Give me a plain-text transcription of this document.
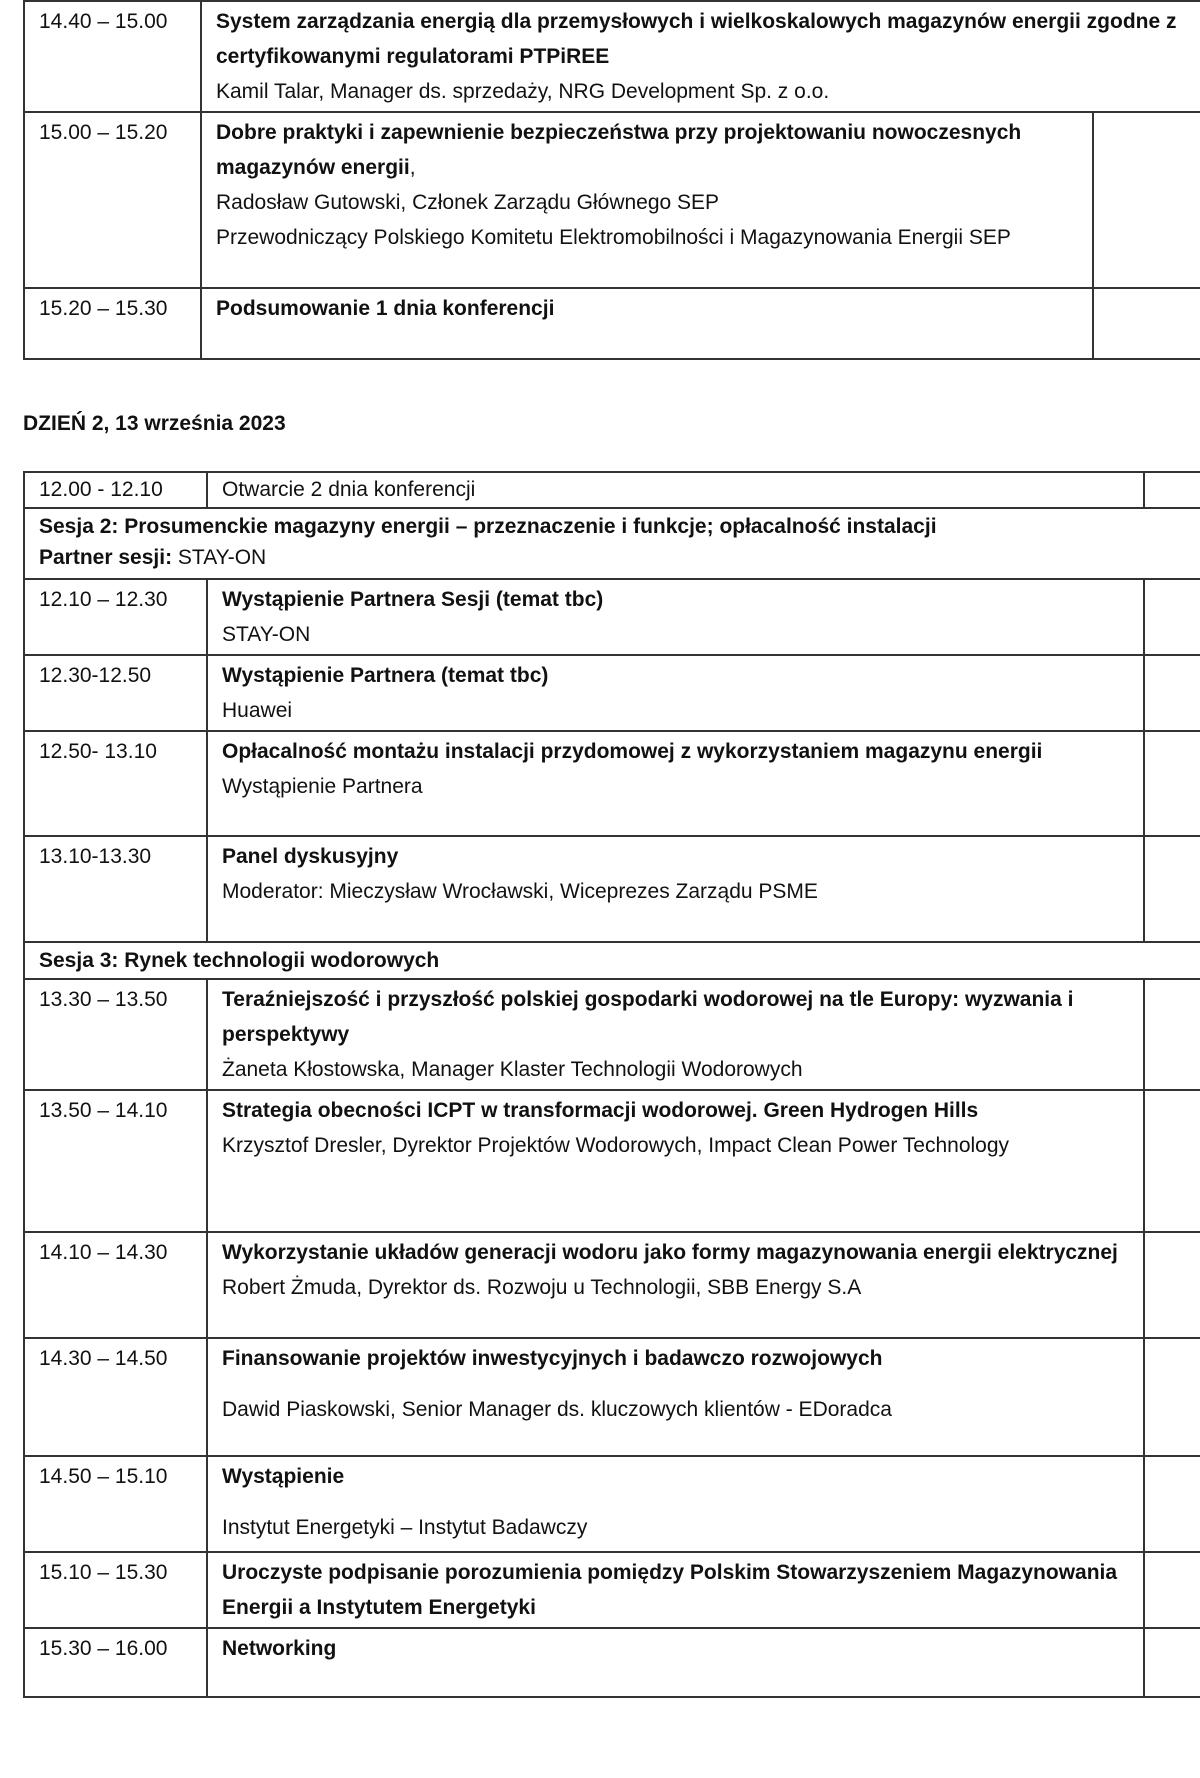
14.40 – 15.00	System zarządzania energią dla przemysłowych i wielkoskalowych magazynów energii zgodne z certyfikowanymi regulatorami PTPiREE
Kamil Talar, Manager ds. sprzedaży, NRG Development Sp. z o.o.	

15.00 – 15.20	Dobre praktyki i zapewnienie bezpieczeństwa przy projektowaniu nowoczesnych magazynów energii,
Radosław Gutowski, Członek Zarządu Głównego SEP
Przewodniczący Polskiego Komitetu Elektromobilności i Magazynowania Energii SEP	

15.20 – 15.30	Podsumowanie 1 dnia konferencji	

DZIEŃ 2, 13 września 2023
12.00 - 12.10	Otwarcie 2 dnia konferencji	

Sesja 2: Prosumenckie magazyny energii – przeznaczenie i funkcje; opłacalność instalacji
Partner sesji: STAY-ON		

12.10 – 12.30	Wystąpienie Partnera Sesji (temat tbc)
STAY-ON	

12.30-12.50	Wystąpienie Partnera (temat tbc)
Huawei	

12.50- 13.10	Opłacalność montażu instalacji przydomowej z wykorzystaniem magazynu energii
Wystąpienie Partnera	

13.10-13.30	Panel dyskusyjny
Moderator: Mieczysław Wrocławski, Wiceprezes Zarządu PSME	

Sesja 3: Rynek technologii wodorowych		

13.30 – 13.50	Teraźniejszość i przyszłość polskiej gospodarki wodorowej na tle Europy: wyzwania i perspektywy
Żaneta Kłostowska, Manager Klaster Technologii Wodorowych	

13.50 – 14.10	Strategia obecności ICPT w transformacji wodorowej. Green Hydrogen Hills
Krzysztof Dresler, Dyrektor Projektów Wodorowych, Impact Clean Power Technology	

14.10 – 14.30	Wykorzystanie układów generacji wodoru jako formy magazynowania energii elektrycznej
Robert Żmuda, Dyrektor ds. Rozwoju u Technologii, SBB Energy S.A	

14.30 – 14.50	Finansowanie projektów inwestycyjnych i badawczo rozwojowych
Dawid Piaskowski, Senior Manager ds. kluczowych klientów - EDoradca	

14.50 – 15.10	Wystąpienie
Instytut Energetyki – Instytut Badawczy	

15.10 – 15.30	Uroczyste podpisanie porozumienia pomiędzy Polskim Stowarzyszeniem Magazynowania Energii a Instytutem Energetyki	

15.30 – 16.00	Networking	
